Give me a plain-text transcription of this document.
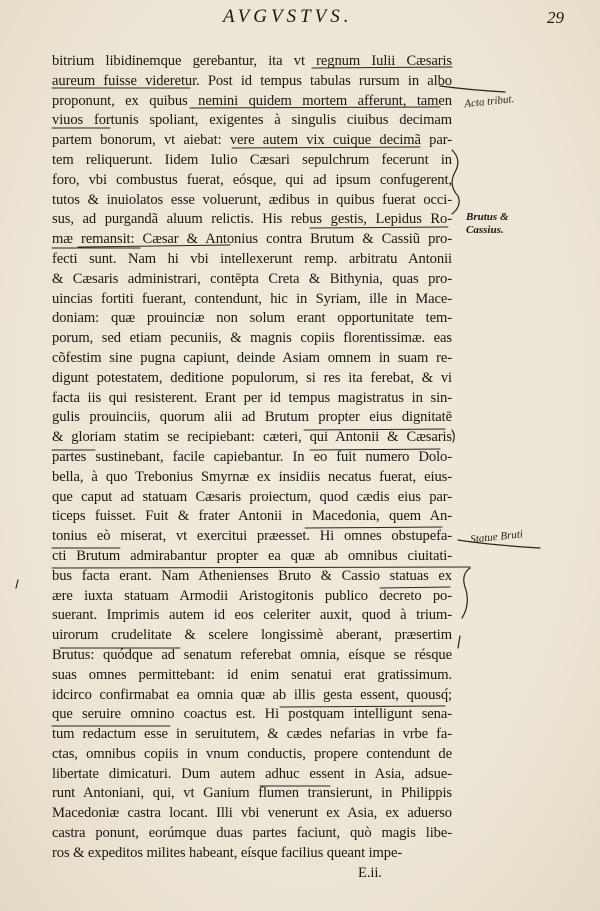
AVGVSTVS.	29
bitrium libidinemque gerebantur, ita vt regnum Iulii Cæsaris
aureum fuisse videretur. Post id tempus tabulas rursum in albo
proponunt, ex quibus nemini quidem mortem afferunt, tamen
viuos fortunis spoliant, exigentes à singulis ciuibus decimam
partem bonorum, vt aiebat: vere autem vix cuique decimã par-
tem reliquerunt. Iidem Iulio Cæsari sepulchrum fecerunt in
foro, vbi combustus fuerat, eósque, qui ad ipsum confugerent,
tutos & inuiolatos esse voluerunt, ædibus in quibus fuerat occi-
sus, ad purgandã aluum relictis. His rebus gestis, Lepidus Ro-
mæ remansit: Cæsar & Antonius contra Brutum & Cassiũ pro-
fecti sunt. Nam hi vbi intellexerunt remp. arbitratu Antonii
& Cæsaris administrari, contēpta Creta & Bithynia, quas pro-
uincias fortiti fuerant, contendunt, hic in Syriam, ille in Mace-
doniam: quæ prouinciæ non solum erant opportunitate tem-
porum, sed etiam pecuniis, & magnis copiis florentissimæ. eas
cõfestim sine pugna capiunt, deinde Asiam omnem in suam re-
digunt potestatem, deditione populorum, si res ita ferebat, & vi
facta iis qui resisterent. Erant per id tempus magistratus in sin-
gulis prouinciis, quorum alii ad Brutum propter eius dignitatē
& gloriam statim se recipiebant: cæteri, qui Antonii & Cæsaris
partes sustinebant, facile capiebantur. In eo fuit numero Dolo-
bella, à quo Trebonius Smyrnæ ex insidiis necatus fuerat, eius-
que caput ad statuam Cæsaris proiectum, quod cædis eius par-
ticeps fuisset. Fuit & frater Antonii in Macedonia, quem An-
tonius eò miserat, vt exercitui præesset. Hi omnes obstupefa-
cti Brutum admirabantur propter ea quæ ab omnibus ciuitati-
bus facta erant. Nam Athenienses Bruto & Cassio statuas ex
ære iuxta statuam Armodii Aristogitonis publico decreto po-
suerant. Imprimis autem id eos celeriter auxit, quod à trium-
uirorum crudelitate & scelere longissimè aberant, præsertim
Brutus: quódque ad senatum referebat omnia, eísque se résque
suas omnes permittebant: id enim senatui erat gratissimum.
idcirco confirmabat ea omnia quæ ab illis gesta essent, quousq́;
que seruire omnino coactus est. Hi postquam intelligunt sena-
tum redactum esse in seruitutem, & cædes nefarias in vrbe fa-
ctas, omnibus copiis in vnum conductis, propere contendunt de
libertate dimicaturi. Dum autem adhuc essent in Asia, adsue-
runt Antoniani, qui, vt Ganium flumen transierunt, in Philippis
Macedoniæ castra locant. Illi vbi venerunt ex Asia, ex aduerso
castra ponunt, eorúmque duas partes faciunt, quò magis libe-
ros & expeditos milites habeant, eísque facilius queant impe-
E.ii.
Acta tribut.
Brutus &
Cassius.
Statue Bruti
